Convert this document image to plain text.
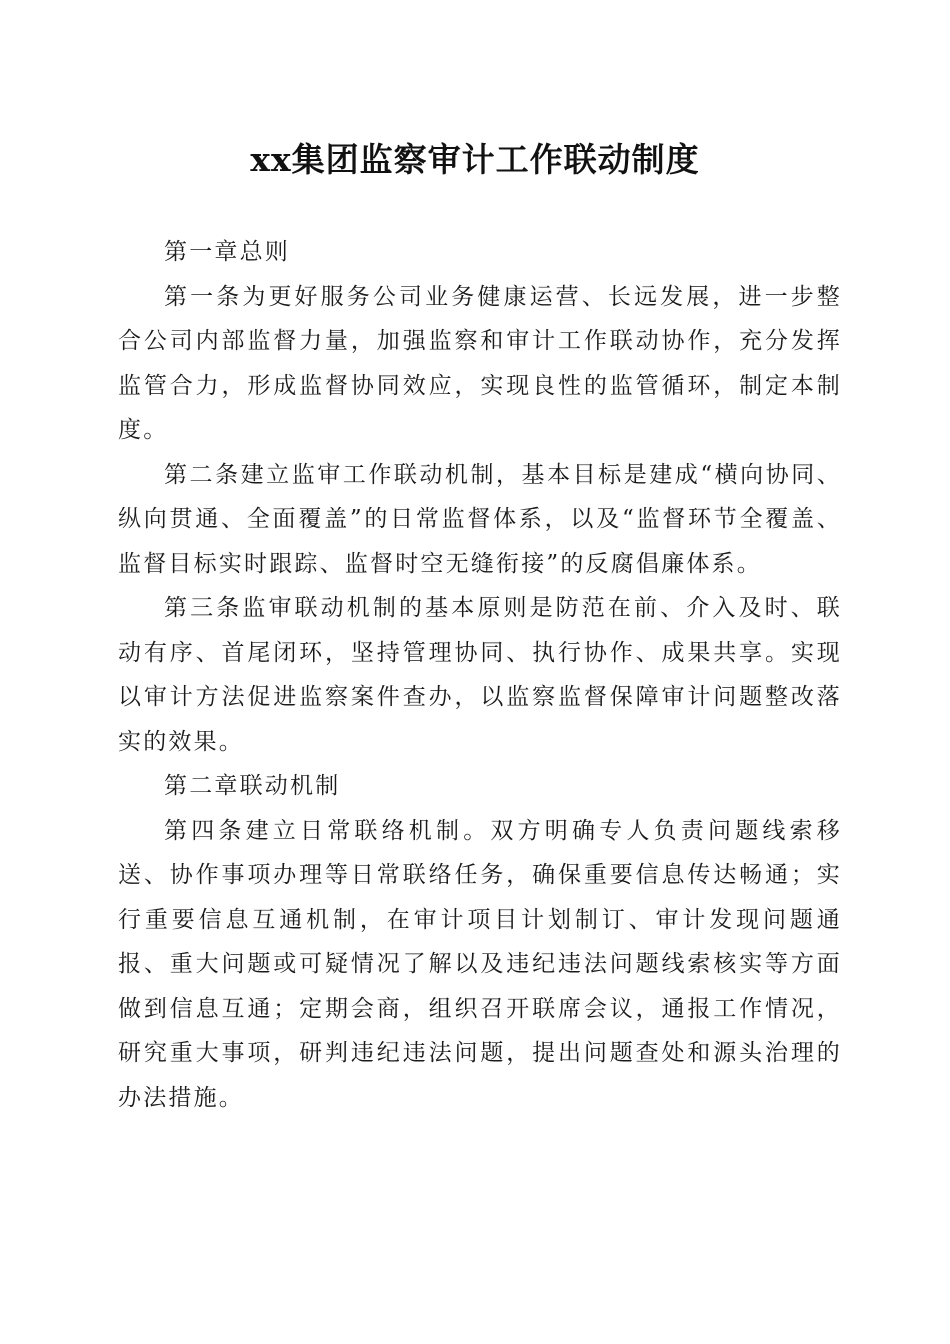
xx集团监察审计工作联动制度

第一章总则

第一条为更好服务公司业务健康运营、长远发展，进一步整合公司内部监督力量，加强监察和审计工作联动协作，充分发挥监管合力，形成监督协同效应，实现良性的监管循环，制定本制度。

第二条建立监审工作联动机制，基本目标是建成“横向协同、纵向贯通、全面覆盖”的日常监督体系，以及“监督环节全覆盖、监督目标实时跟踪、监督时空无缝衔接”的反腐倡廉体系。

第三条监审联动机制的基本原则是防范在前、介入及时、联动有序、首尾闭环，坚持管理协同、执行协作、成果共享。实现以审计方法促进监察案件查办，以监察监督保障审计问题整改落实的效果。

第二章联动机制

第四条建立日常联络机制。双方明确专人负责问题线索移送、协作事项办理等日常联络任务，确保重要信息传达畅通；实行重要信息互通机制，在审计项目计划制订、审计发现问题通报、重大问题或可疑情况了解以及违纪违法问题线索核实等方面做到信息互通；定期会商，组织召开联席会议，通报工作情况，研究重大事项，研判违纪违法问题，提出问题查处和源头治理的办法措施。
